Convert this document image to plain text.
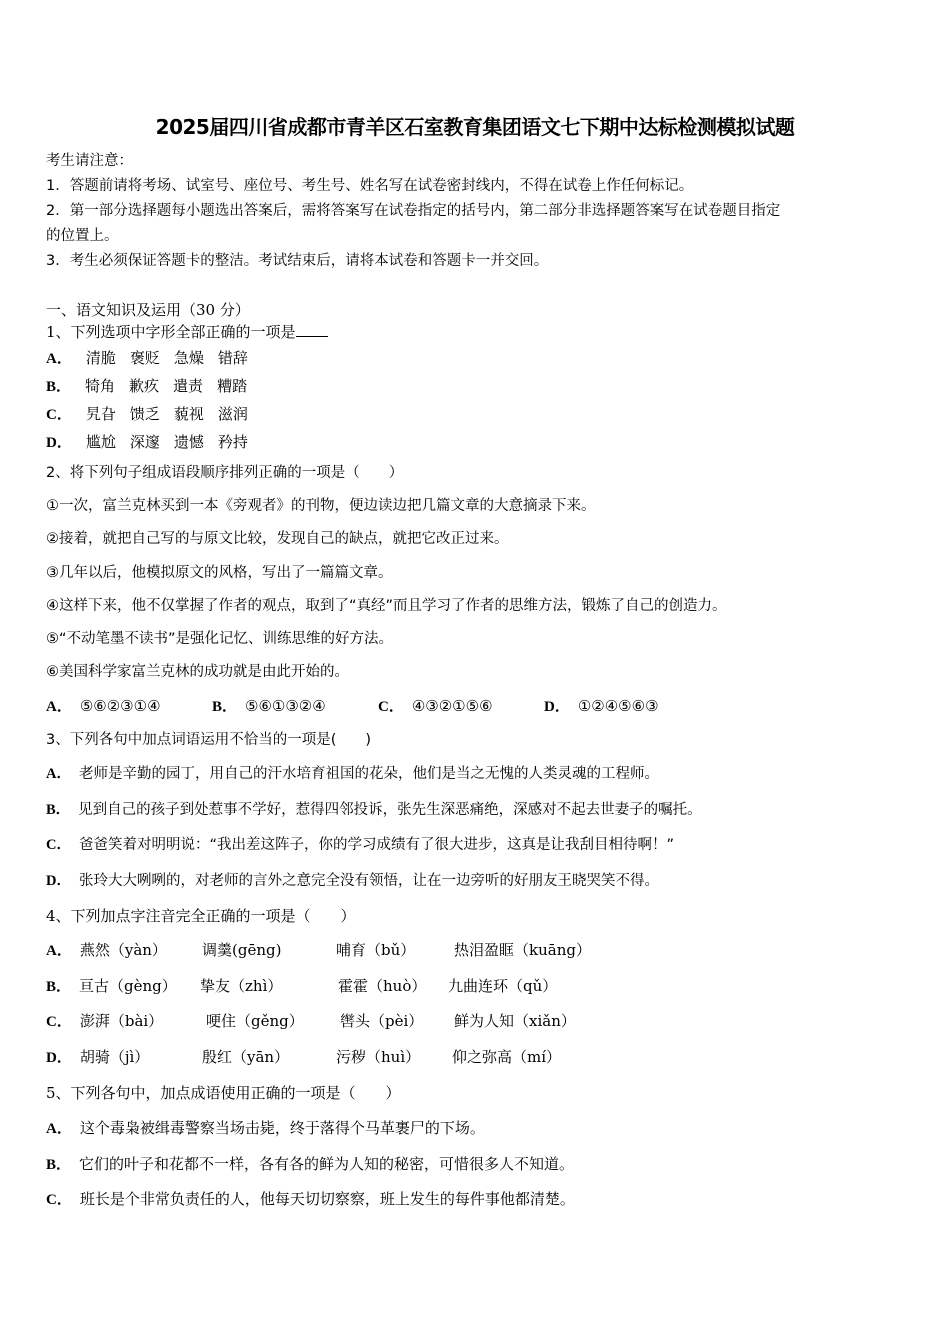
2025届四川省成都市青羊区石室教育集团语文七下期中达标检测模拟试题
考生请注意：
1．答题前请将考场、试室号、座位号、考生号、姓名写在试卷密封线内，不得在试卷上作任何标记。
2．第一部分选择题每小题选出答案后，需将答案写在试卷指定的括号内，第二部分非选择题答案写在试卷题目指定
的位置上。
3．考生必须保证答题卡的整洁。考试结束后，请将本试卷和答题卡一并交回。
一、语文知识及运用（30 分）
1、下列选项中字形全部正确的一项是
A． 清脆 褒贬 急燥 错辞
B． 犄角 歉疚 遣责 糟踏
C． 旯旮 馈乏 藐视 滋润
D． 尴尬 深邃 遗憾 矜持
2、将下列句子组成语段顺序排列正确的一项是（　　）
①一次，富兰克林买到一本《旁观者》的刊物，便边读边把几篇文章的大意摘录下来。
②接着，就把自己写的与原文比较，发现自己的缺点，就把它改正过来。
③几年以后，他模拟原文的风格，写出了一篇篇文章。
④这样下来，他不仅掌握了作者的观点，取到了“真经”而且学习了作者的思维方法，锻炼了自己的创造力。
⑤“不动笔墨不读书”是强化记忆、训练思维的好方法。
⑥美国科学家富兰克林的成功就是由此开始的。
A． ⑤⑥②③①④	B． ⑤⑥①③②④	C． ④③②①⑤⑥	D． ①②④⑤⑥③
3、下列各句中加点词语运用不恰当的一项是(　　)
A． 老师是辛勤的园丁，用自己的汗水培育祖国的花朵，他们是当之无愧的人类灵魂的工程师。
B． 见到自己的孩子到处惹事不学好，惹得四邻投诉，张先生深恶痛绝，深感对不起去世妻子的嘱托。
C． 爸爸笑着对明明说：“我出差这阵子，你的学习成绩有了很大进步，这真是让我刮目相待啊！”
D． 张玲大大咧咧的，对老师的言外之意完全没有领悟，让在一边旁听的好朋友王晓哭笑不得。
4、下列加点字注音完全正确的一项是（　　）
A． 燕然（yàn） 调羹(gēng)	哺育（bǔ）	热泪盈眶（kuāng）
B． 亘古（gèng） 挚友（zhì）	霍霍（huò） 九曲连环（qǔ）
C． 澎湃（bài）	哽住（gěng） 辔头（pèi） 鲜为人知（xiǎn）
D． 胡骑（jì）	殷红（yān）	污秽（huì） 仰之弥高（mí）
5、下列各句中，加点成语使用正确的一项是（　　）
A． 这个毒枭被缉毒警察当场击毙，终于落得个马革裹尸的下场。
B． 它们的叶子和花都不一样，各有各的鲜为人知的秘密，可惜很多人不知道。
C． 班长是个非常负责任的人，他每天切切察察，班上发生的每件事他都清楚。
